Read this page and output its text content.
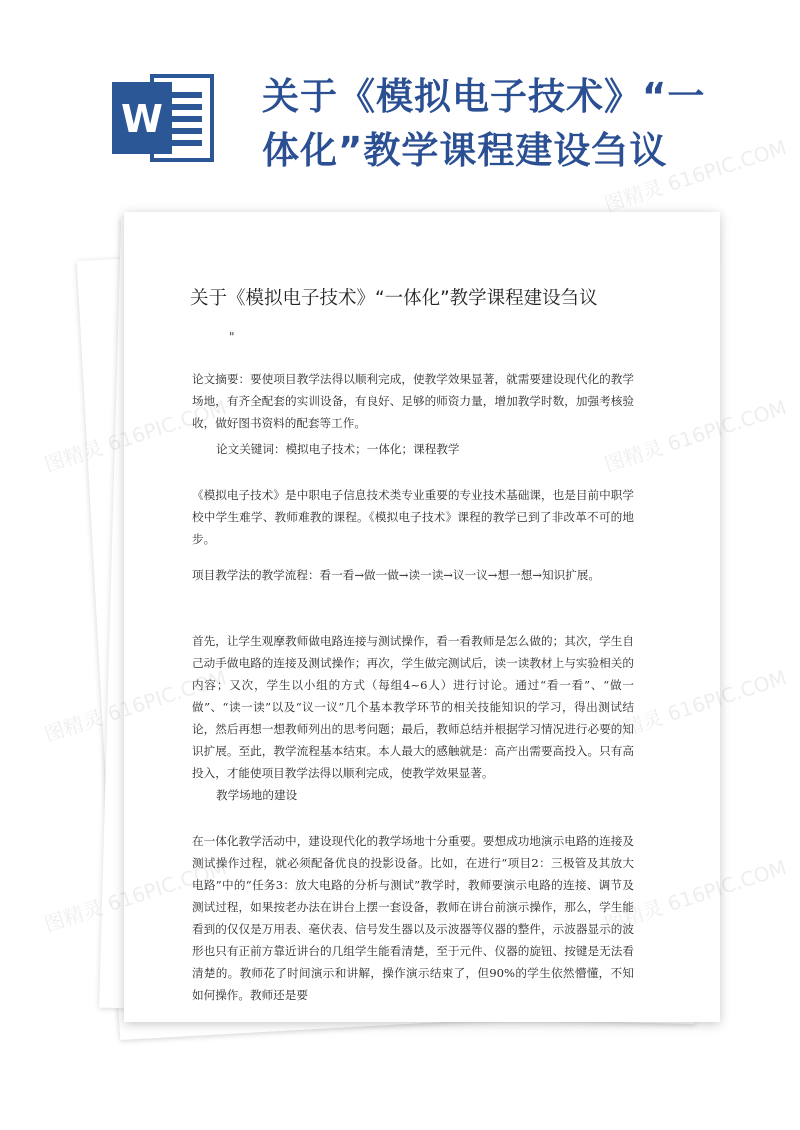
W
关于《模拟电子技术》“一体化”教学课程建设刍议
关于《模拟电子技术》“一体化”教学课程建设刍议
"
论文摘要：要使项目教学法得以顺利完成，使教学效果显著，就需要建设现代化的教学场地，有齐全配套的实训设备，有良好、足够的师资力量，增加教学时数，加强考核验收，做好图书资料的配套等工作。
论文关键词：模拟电子技术；一体化；课程教学
《模拟电子技术》是中职电子信息技术类专业重要的专业技术基础课，也是目前中职学校中学生难学、教师难教的课程。《模拟电子技术》课程的教学已到了非改革不可的地步。
项目教学法的教学流程：看一看→做一做→读一读→议一议→想一想→知识扩展。
首先，让学生观摩教师做电路连接与测试操作，看一看教师是怎么做的；其次，学生自己动手做电路的连接及测试操作；再次，学生做完测试后，读一读教材上与实验相关的内容；又次，学生以小组的方式（每组4~6人）进行讨论。通过“看一看”、“做一做”、“读一读”以及“议一议”几个基本教学环节的相关技能知识的学习，得出测试结论，然后再想一想教师列出的思考问题；最后，教师总结并根据学习情况进行必要的知识扩展。至此，教学流程基本结束。本人最大的感触就是：高产出需要高投入。只有高投入，才能使项目教学法得以顺利完成，使教学效果显著。
教学场地的建设
在一体化教学活动中，建设现代化的教学场地十分重要。要想成功地演示电路的连接及测试操作过程，就必须配备优良的投影设备。比如，在进行“项目2：三极管及其放大电路”中的“任务3：放大电路的分析与测试”教学时，教师要演示电路的连接、调节及测试过程，如果按老办法在讲台上摆一套设备，教师在讲台前演示操作，那么，学生能看到的仅仅是万用表、毫伏表、信号发生器以及示波器等仪器的整件，示波器显示的波形也只有正前方靠近讲台的几组学生能看清楚，至于元件、仪器的旋钮、按键是无法看清楚的。教师花了时间演示和讲解，操作演示结束了，但90%的学生依然懵懂，不知如何操作。教师还是要
图精灵	616PIC.COM
图精灵	616PIC.COM
图精灵	616PIC.COM
